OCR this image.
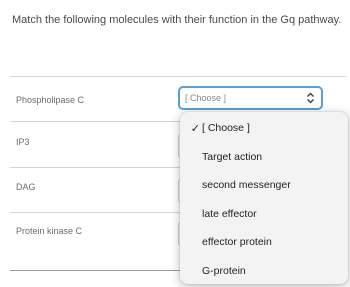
Match the following molecules with their function in the Gq pathway.
Phospholipase C	[ Choose ]
IP3
DAG
Protein kinase C
✓ [ Choose ]
Target action
second messenger
late effector
effector protein
G-protein
